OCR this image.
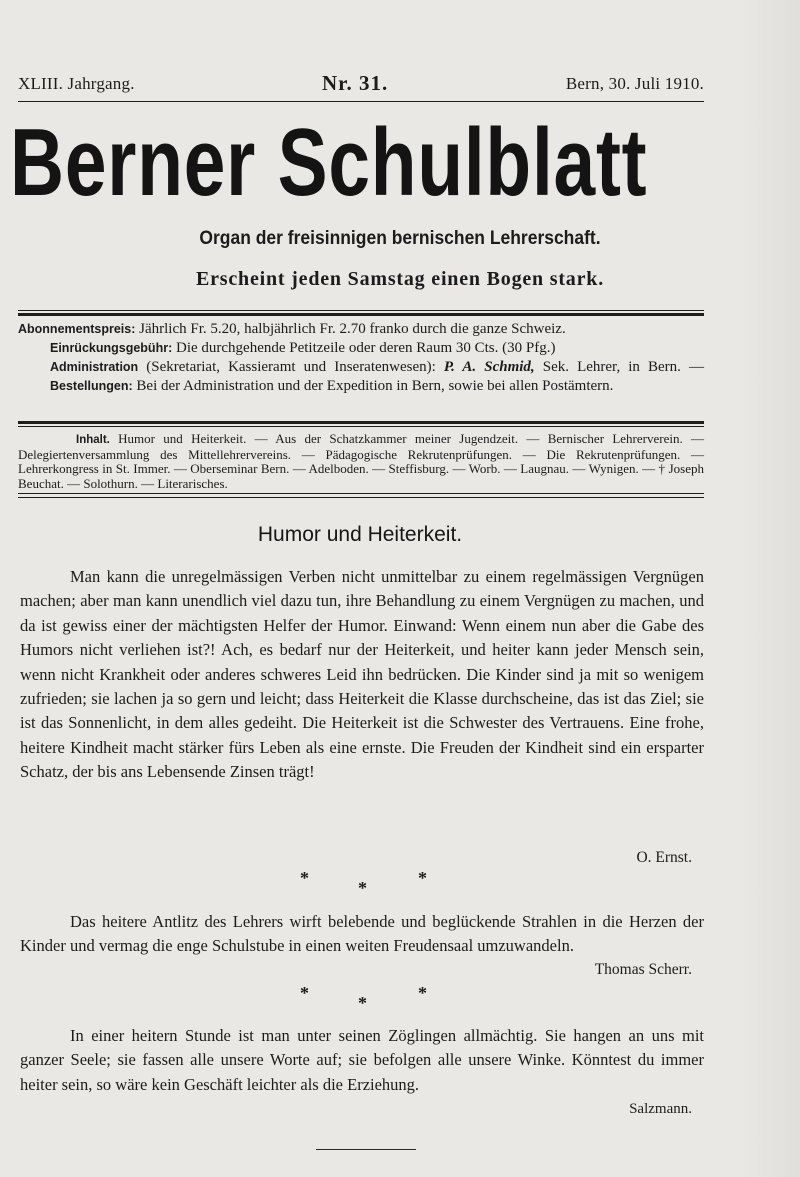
XLIII. Jahrgang.	Nr. 31.	Bern, 30. Juli 1910.
Berner Schulblatt
Organ der freisinnigen bernischen Lehrerschaft.
Erscheint jeden Samstag einen Bogen stark.

Abonnementspreis: Jährlich Fr. 5.20, halbjährlich Fr. 2.70 franko durch die ganze Schweiz.

Einrückungsgebühr: Die durchgehende Petitzeile oder deren Raum 30 Cts. (30 Pfg.)

Administration (Sekretariat, Kassieramt und Inseratenwesen): P. A. Schmid, Sek. Lehrer, in Bern. — Bestellungen: Bei der Administration und der Expedition in Bern, sowie bei allen Postämtern.

Inhalt. Humor und Heiterkeit. — Aus der Schatzkammer meiner Jugendzeit. — Bernischer Lehrerverein. — Delegiertenversammlung des Mittellehrervereins. — Pädagogische Rekrutenprüfungen. — Die Rekrutenprüfungen. — Lehrerkongress in St. Immer. — Oberseminar Bern. — Adelboden. — Steffisburg. — Worb. — Laugnau. — Wynigen. — † Joseph Beuchat. — Solothurn. — Literarisches.
Humor und Heiterkeit.

Man kann die unregelmässigen Verben nicht unmittelbar zu einem regelmässigen Vergnügen machen; aber man kann unendlich viel dazu tun, ihre Behandlung zu einem Vergnügen zu machen, und da ist gewiss einer der mächtigsten Helfer der Humor. Einwand: Wenn einem nun aber die Gabe des Humors nicht verliehen ist?! Ach, es bedarf nur der Heiterkeit, und heiter kann jeder Mensch sein, wenn nicht Krankheit oder anderes schweres Leid ihn bedrücken. Die Kinder sind ja mit so wenigem zufrieden; sie lachen ja so gern und leicht; dass Heiterkeit die Klasse durchscheine, das ist das Ziel; sie ist das Sonnenlicht, in dem alles gedeiht. Die Heiterkeit ist die Schwester des Vertrauens. Eine frohe, heitere Kindheit macht stärker fürs Leben als eine ernste. Die Freuden der Kindheit sind ein ersparter Schatz, der bis ans Lebensende Zinsen trägt!

O. Ernst.
*	*	*

Das heitere Antlitz des Lehrers wirft belebende und beglückende Strahlen in die Herzen der Kinder und vermag die enge Schulstube in einen weiten Freudensaal umzuwandeln.

Thomas Scherr.
*	*	*

In einer heitern Stunde ist man unter seinen Zöglingen allmächtig. Sie hangen an uns mit ganzer Seele; sie fassen alle unsere Worte auf; sie befolgen alle unsere Winke. Könntest du immer heiter sein, so wäre kein Geschäft leichter als die Erziehung.

Salzmann.
